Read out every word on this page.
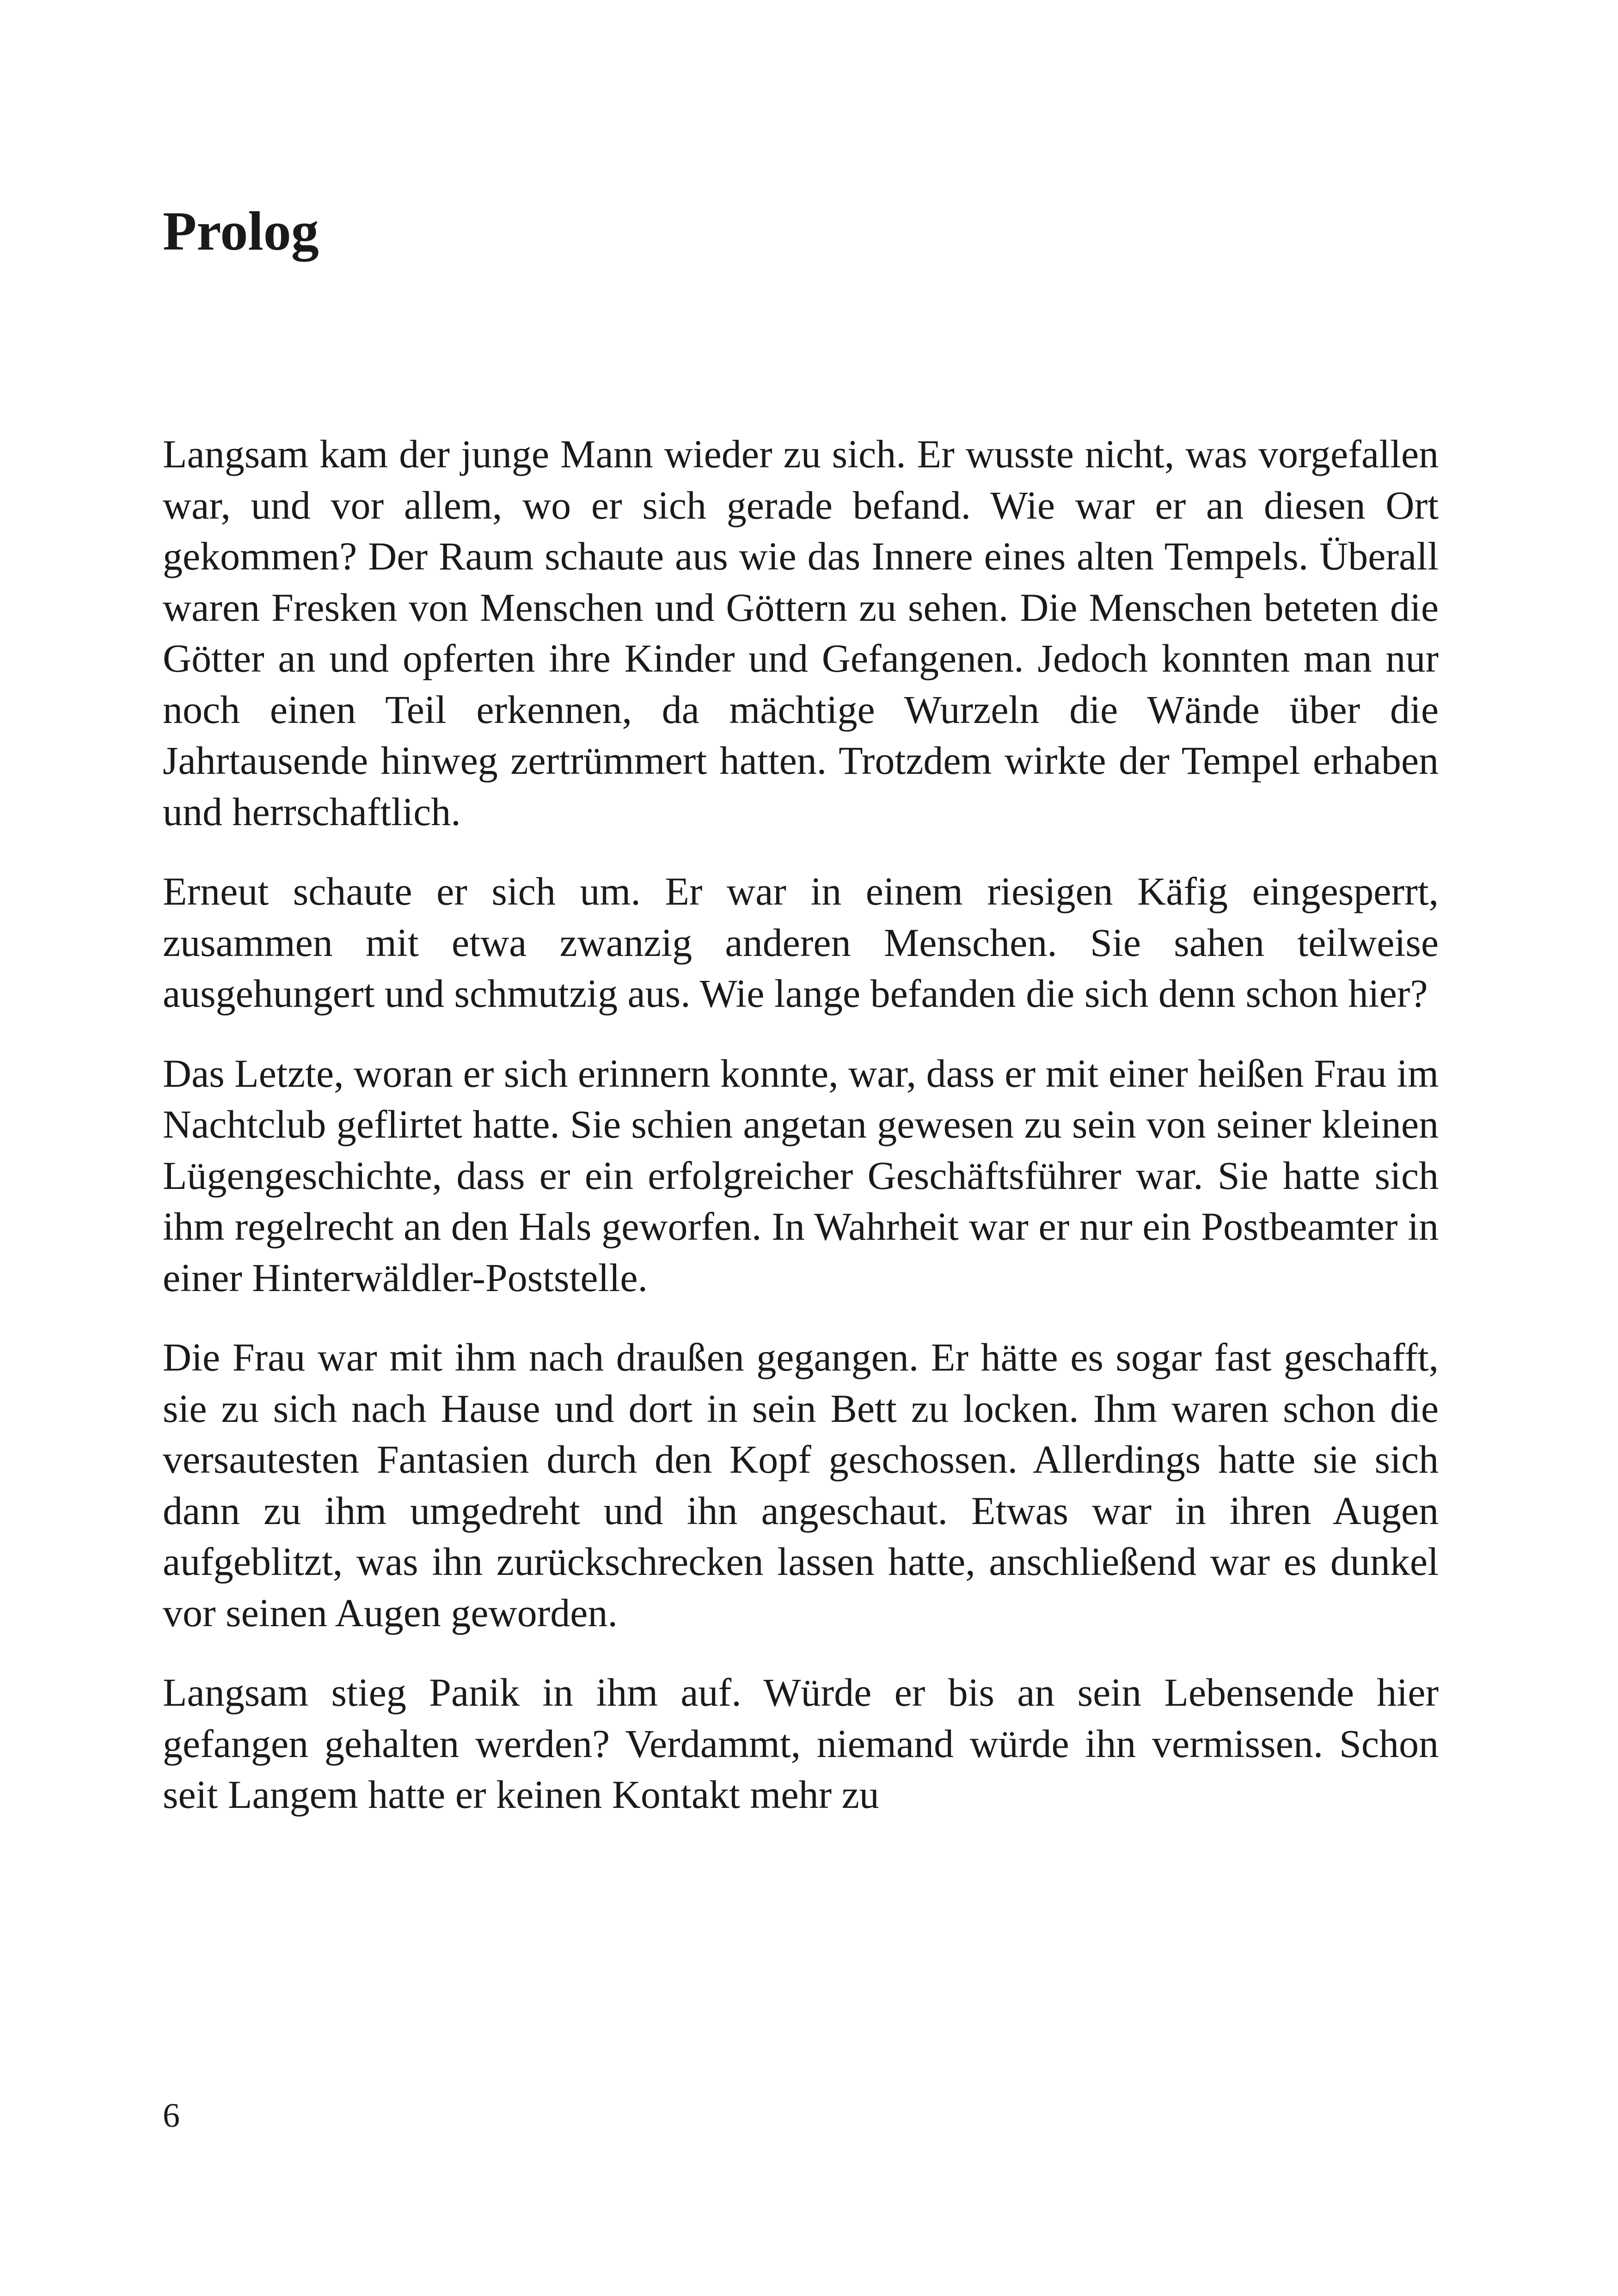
Prolog

Langsam kam der junge Mann wieder zu sich. Er wusste nicht, was vorgefallen war, und vor allem, wo er sich gerade befand. Wie war er an diesen Ort gekommen? Der Raum schaute aus wie das Innere eines alten Tempels. Überall waren Fresken von Menschen und Göttern zu sehen. Die Menschen beteten die Götter an und opferten ihre Kinder und Gefangenen. Jedoch konnten man nur noch einen Teil erkennen, da mächtige Wurzeln die Wände über die Jahrtausende hinweg zertrümmert hatten. Trotzdem wirkte der Tempel erhaben und herrschaftlich.

Erneut schaute er sich um. Er war in einem riesigen Käfig eingesperrt, zusammen mit etwa zwanzig anderen Menschen. Sie sahen teilweise ausgehungert und schmutzig aus. Wie lange befanden die sich denn schon hier?

Das Letzte, woran er sich erinnern konnte, war, dass er mit einer heißen Frau im Nachtclub geflirtet hatte. Sie schien angetan gewesen zu sein von seiner kleinen Lügengeschichte, dass er ein erfolgreicher Geschäftsführer war. Sie hatte sich ihm regelrecht an den Hals geworfen. In Wahrheit war er nur ein Postbeamter in einer Hinterwäldler-Poststelle.

Die Frau war mit ihm nach draußen gegangen. Er hätte es sogar fast geschafft, sie zu sich nach Hause und dort in sein Bett zu locken. Ihm waren schon die versautesten Fantasien durch den Kopf geschossen. Allerdings hatte sie sich dann zu ihm umgedreht und ihn angeschaut. Etwas war in ihren Augen aufgeblitzt, was ihn zurückschrecken lassen hatte, anschließend war es dunkel vor seinen Augen geworden.

Langsam stieg Panik in ihm auf. Würde er bis an sein Lebensende hier gefangen gehalten werden? Verdammt, niemand würde ihn vermissen. Schon seit Langem hatte er keinen Kontakt mehr zu

6
